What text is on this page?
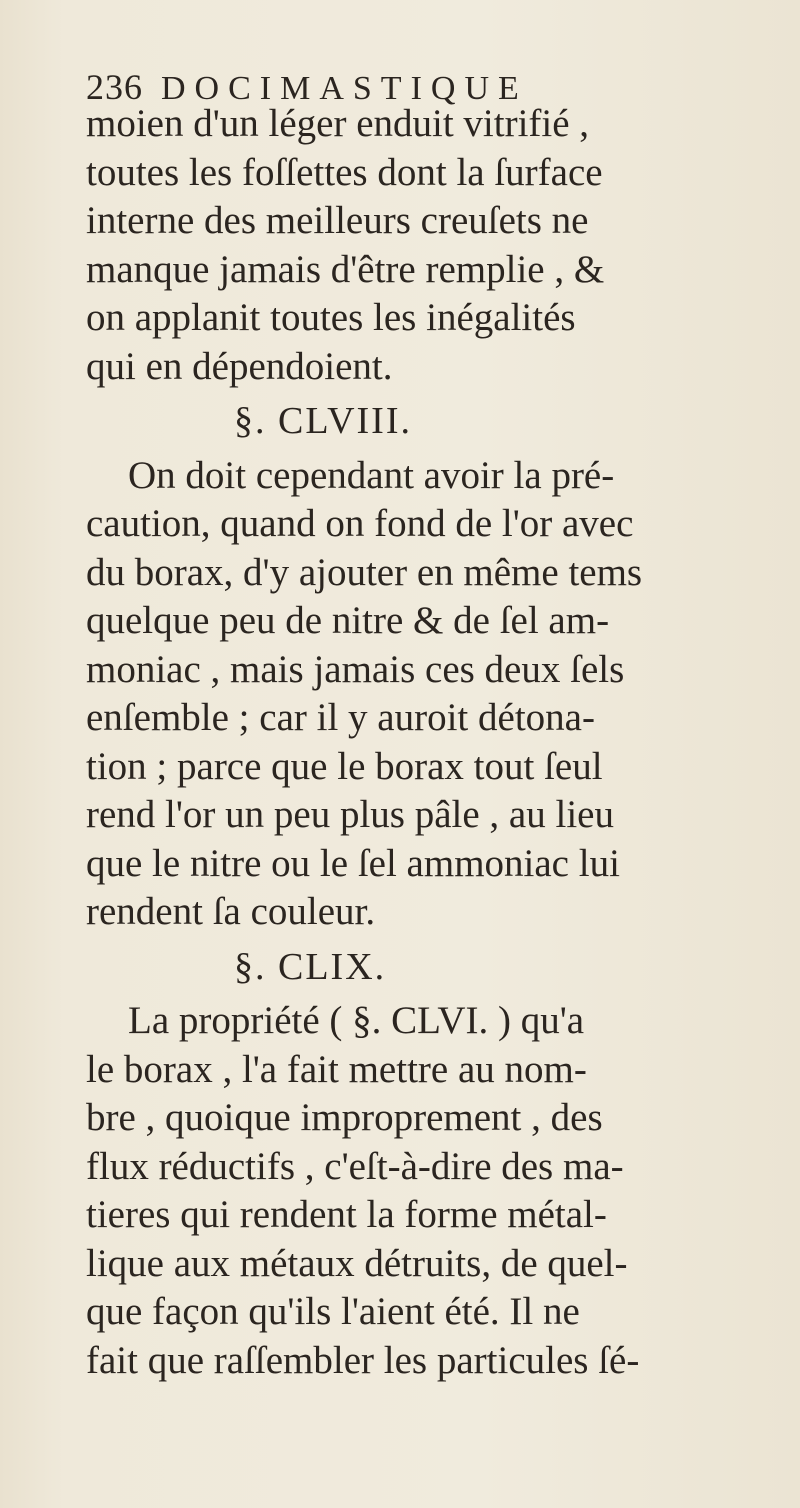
236 DOCIMASTIQUE
moien d'un léger enduit vitrifié ,
toutes les foſſettes dont la ſurface
interne des meilleurs creuſets ne
manque jamais d'être remplie , &
on applanit toutes les inégalités
qui en dépendoient.
§. CLVIII.
On doit cependant avoir la pré-
caution, quand on fond de l'or avec
du borax, d'y ajouter en même tems
quelque peu de nitre & de ſel am-
moniac , mais jamais ces deux ſels
enſemble ; car il y auroit détona-
tion ; parce que le borax tout ſeul
rend l'or un peu plus pâle , au lieu
que le nitre ou le ſel ammoniac lui
rendent ſa couleur.
§. CLIX.
La propriété ( §. CLVI. ) qu'a
le borax , l'a fait mettre au nom-
bre , quoique improprement , des
flux réductifs , c'eſt-à-dire des ma-
tieres qui rendent la forme métal-
lique aux métaux détruits, de quel-
que façon qu'ils l'aient été. Il ne
fait que raſſembler les particules ſé-
